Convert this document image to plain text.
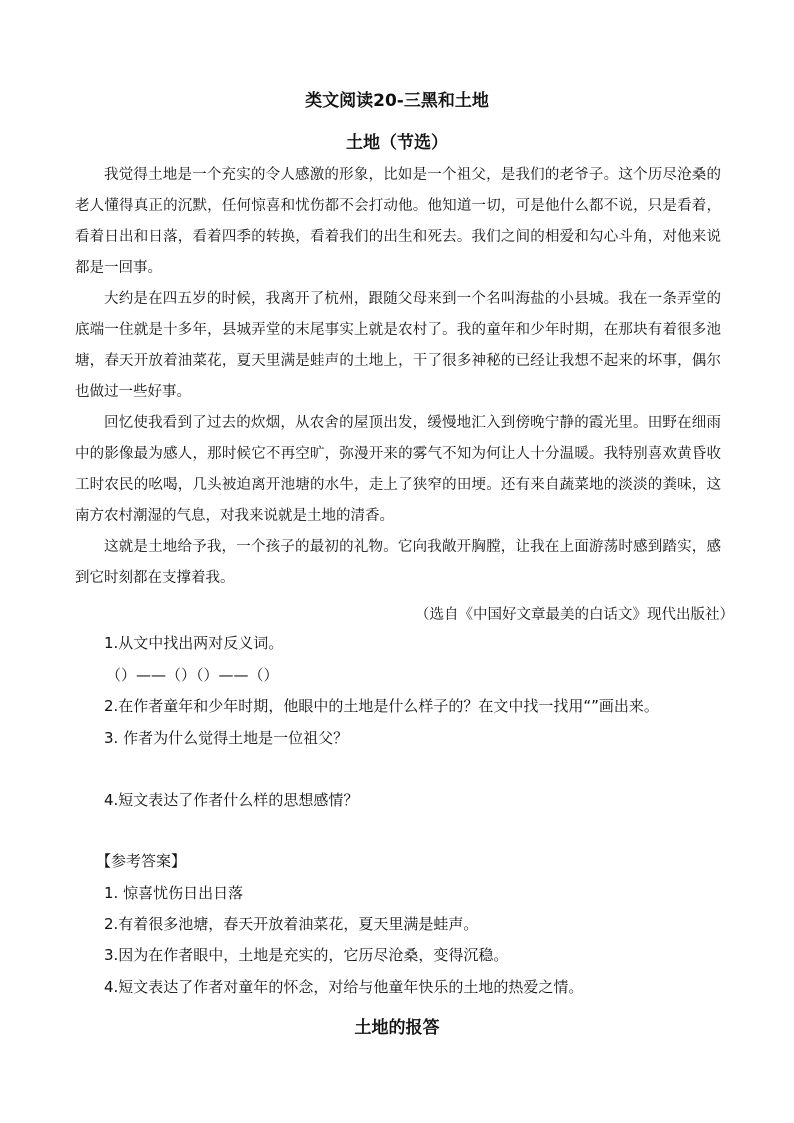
类文阅读20-三黑和土地
土地（节选）
我觉得土地是一个充实的令人感激的形象，比如是一个祖父，是我们的老爷子。这个历尽沧桑的老人懂得真正的沉默，任何惊喜和忧伤都不会打动他。他知道一切，可是他什么都不说，只是看着，看着日出和日落，看着四季的转换，看着我们的出生和死去。我们之间的相爱和勾心斗角，对他来说都是一回事。
大约是在四五岁的时候，我离开了杭州，跟随父母来到一个名叫海盐的小县城。我在一条弄堂的底端一住就是十多年，县城弄堂的末尾事实上就是农村了。我的童年和少年时期，在那块有着很多池塘，春天开放着油菜花，夏天里满是蛙声的土地上，干了很多神秘的已经让我想不起来的坏事，偶尔也做过一些好事。
回忆使我看到了过去的炊烟，从农舍的屋顶出发，缓慢地汇入到傍晚宁静的霞光里。田野在细雨中的影像最为感人，那时候它不再空旷，弥漫开来的雾气不知为何让人十分温暖。我特别喜欢黄昏收工时农民的吆喝，几头被迫离开池塘的水牛，走上了狭窄的田埂。还有来自蔬菜地的淡淡的粪味，这南方农村潮湿的气息，对我来说就是土地的清香。
这就是土地给予我，一个孩子的最初的礼物。它向我敞开胸膛，让我在上面游荡时感到踏实，感到它时刻都在支撑着我。
（选自《中国好文章最美的白话文》现代出版社）
1.从文中找出两对反义词。
（）——（）（）——（）
2.在作者童年和少年时期，他眼中的土地是什么样子的？在文中找一找用“”画出来。
3. 作者为什么觉得土地是一位祖父？
4.短文表达了作者什么样的思想感情？
【参考答案】
1. 惊喜忧伤日出日落
2.有着很多池塘，春天开放着油菜花，夏天里满是蛙声。
3.因为在作者眼中，土地是充实的，它历尽沧桑，变得沉稳。
4.短文表达了作者对童年的怀念，对给与他童年快乐的土地的热爱之情。
土地的报答
